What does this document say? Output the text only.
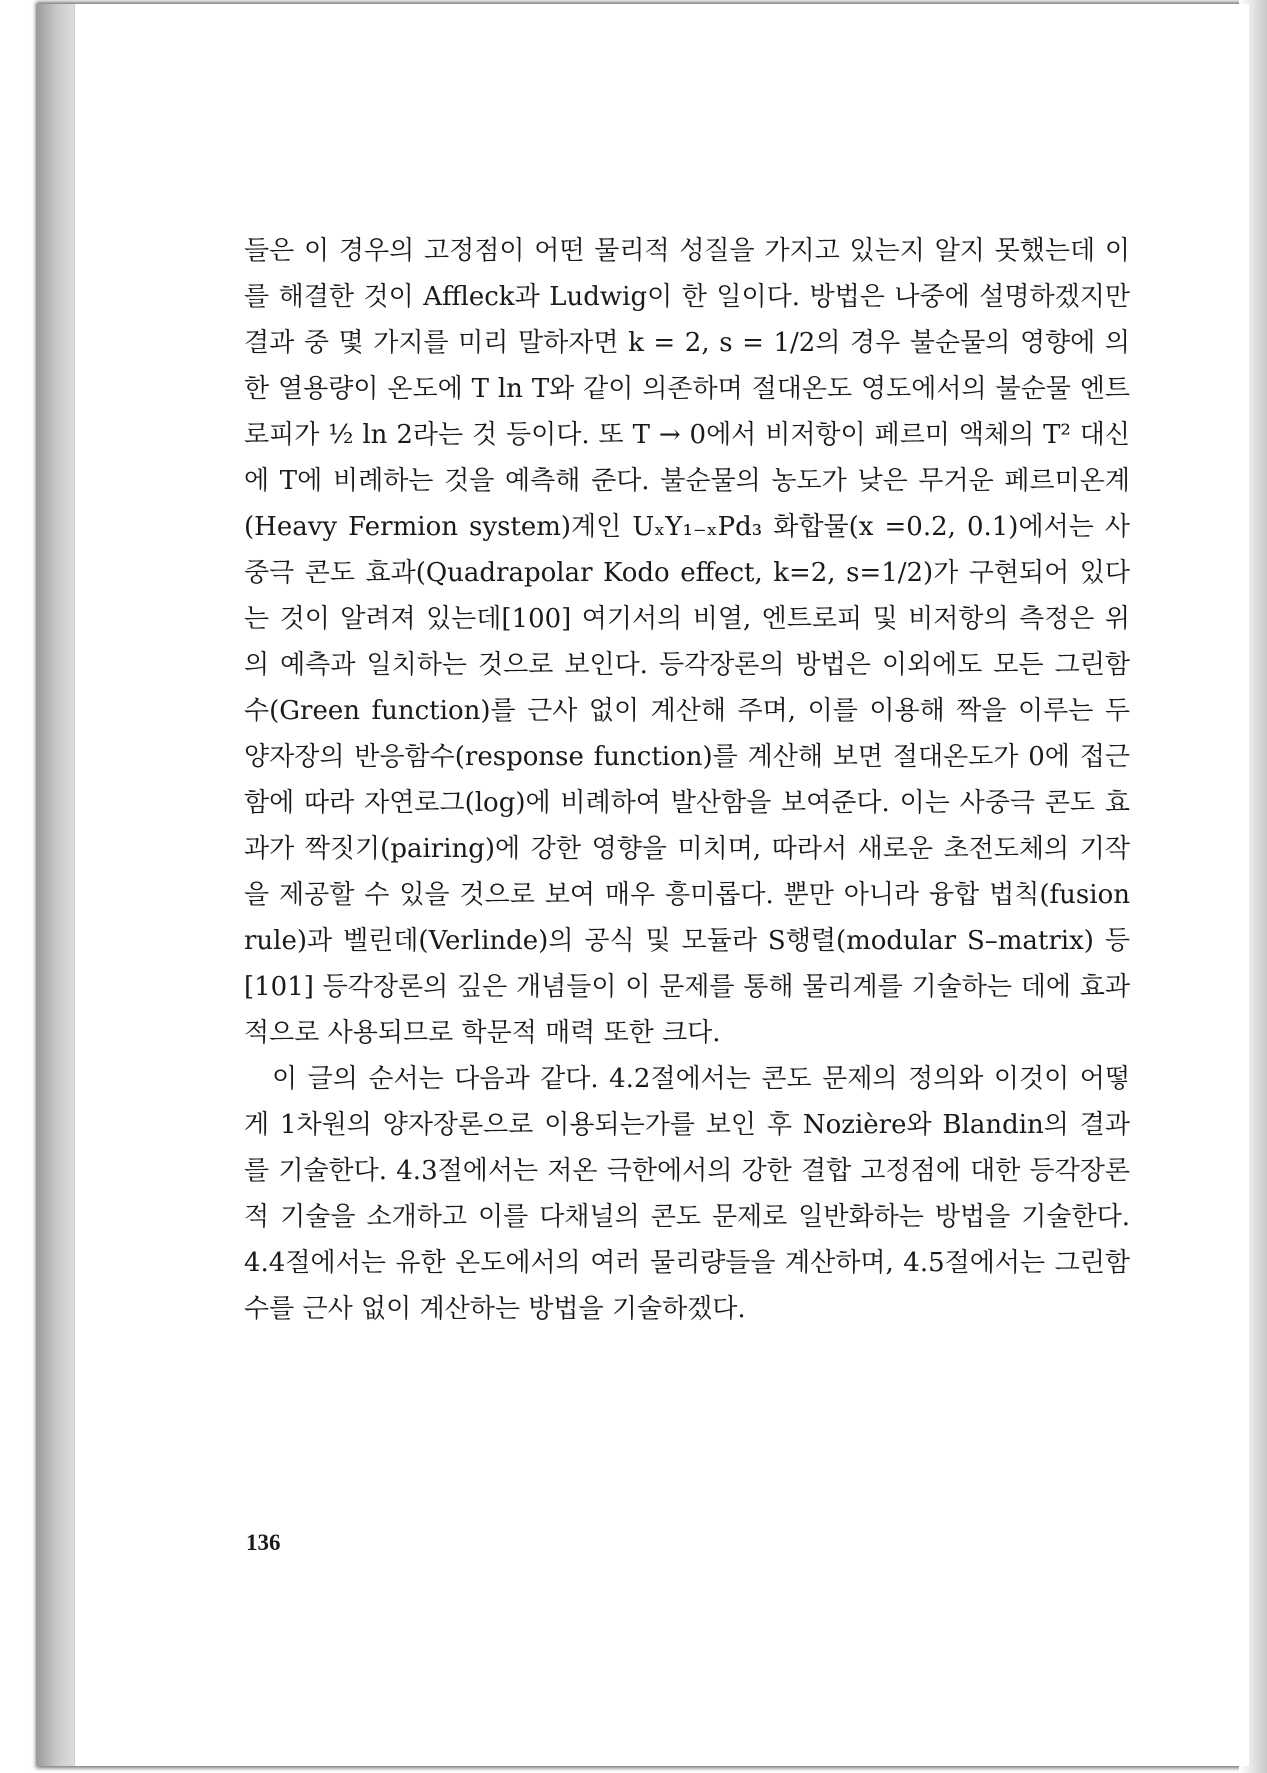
들은 이 경우의 고정점이 어떤 물리적 성질을 가지고 있는지 알지 못했는데 이를 해결한 것이 Affleck과 Ludwig이 한 일이다. 방법은 나중에 설명하겠지만 결과 중 몇 가지를 미리 말하자면 k = 2, s = 1/2의 경우 불순물의 영향에 의한 열용량이 온도에 T ln T와 같이 의존하며 절대온도 영도에서의 불순물 엔트로피가 ½ ln 2라는 것 등이다. 또 T → 0에서 비저항이 페르미 액체의 T² 대신에 T에 비례하는 것을 예측해 준다. 불순물의 농도가 낮은 무거운 페르미온계(Heavy Fermion system)계인 UₓY₁₋ₓPd₃ 화합물(x =0.2, 0.1)에서는 사중극 콘도 효과(Quadrapolar Kodo effect, k=2, s=1/2)가 구현되어 있다는 것이 알려져 있는데[100] 여기서의 비열, 엔트로피 및 비저항의 측정은 위의 예측과 일치하는 것으로 보인다. 등각장론의 방법은 이외에도 모든 그린함수(Green function)를 근사 없이 계산해 주며, 이를 이용해 짝을 이루는 두 양자장의 반응함수(response function)를 계산해 보면 절대온도가 0에 접근함에 따라 자연로그(log)에 비례하여 발산함을 보여준다. 이는 사중극 콘도 효과가 짝짓기(pairing)에 강한 영향을 미치며, 따라서 새로운 초전도체의 기작을 제공할 수 있을 것으로 보여 매우 흥미롭다. 뿐만 아니라 융합 법칙(fusion rule)과 벨린데(Verlinde)의 공식 및 모듈라 S행렬(modular S–matrix) 등[101] 등각장론의 깊은 개념들이 이 문제를 통해 물리계를 기술하는 데에 효과적으로 사용되므로 학문적 매력 또한 크다.

이 글의 순서는 다음과 같다. 4.2절에서는 콘도 문제의 정의와 이것이 어떻게 1차원의 양자장론으로 이용되는가를 보인 후 Nozière와 Blandin의 결과를 기술한다. 4.3절에서는 저온 극한에서의 강한 결합 고정점에 대한 등각장론적 기술을 소개하고 이를 다채널의 콘도 문제로 일반화하는 방법을 기술한다. 4.4절에서는 유한 온도에서의 여러 물리량들을 계산하며, 4.5절에서는 그린함수를 근사 없이 계산하는 방법을 기술하겠다.

136
